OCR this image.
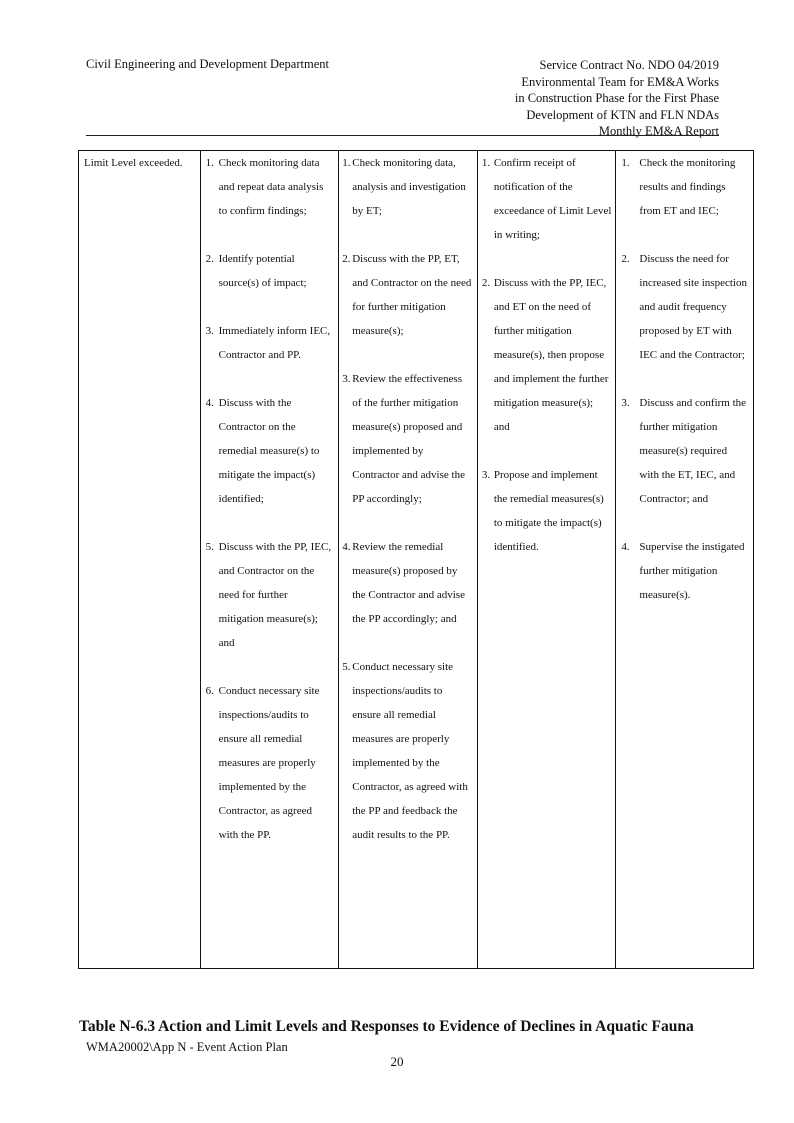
Civil Engineering and Development Department	Service Contract No. NDO 04/2019
Environmental Team for EM&A Works
in Construction Phase for the First Phase
Development of KTN and FLN NDAs
Monthly EM&A Report
Limit Level exceeded.	1. Check monitoring data and repeat data analysis to confirm findings;
2. Identify potential source(s) of impact;
3. Immediately inform IEC, Contractor and PP.
4. Discuss with the Contractor on the remedial measure(s) to mitigate the impact(s) identified;
5. Discuss with the PP, IEC, and Contractor on the need for further mitigation measure(s); and
6. Conduct necessary site inspections/audits to ensure all remedial measures are properly implemented by the Contractor, as agreed with the PP.
1. Check monitoring data, analysis and investigation by ET;
2. Discuss with the PP, ET, and Contractor on the need for further mitigation measure(s);
3. Review the effectiveness of the further mitigation measure(s) proposed and implemented by Contractor and advise the PP accordingly;
4. Review the remedial measure(s) proposed by the Contractor and advise the PP accordingly; and
5. Conduct necessary site inspections/audits to ensure all remedial measures are properly implemented by the Contractor, as agreed with the PP and feedback the audit results to the PP.
1. Confirm receipt of notification of the exceedance of Limit Level in writing;
2. Discuss with the PP, IEC, and ET on the need of further mitigation measure(s), then propose and implement the further mitigation measure(s); and
3. Propose and implement the remedial measures(s) to mitigate the impact(s) identified.
1. Check the monitoring results and findings from ET and IEC;
2. Discuss the need for increased site inspection and audit frequency proposed by ET with IEC and the Contractor;
3. Discuss and confirm the further mitigation measure(s) required with the ET, IEC, and Contractor; and
4. Supervise the instigated further mitigation measure(s).
Table N-6.3 Action and Limit Levels and Responses to Evidence of Declines in Aquatic Fauna
WMA20002\App N - Event Action Plan
20
